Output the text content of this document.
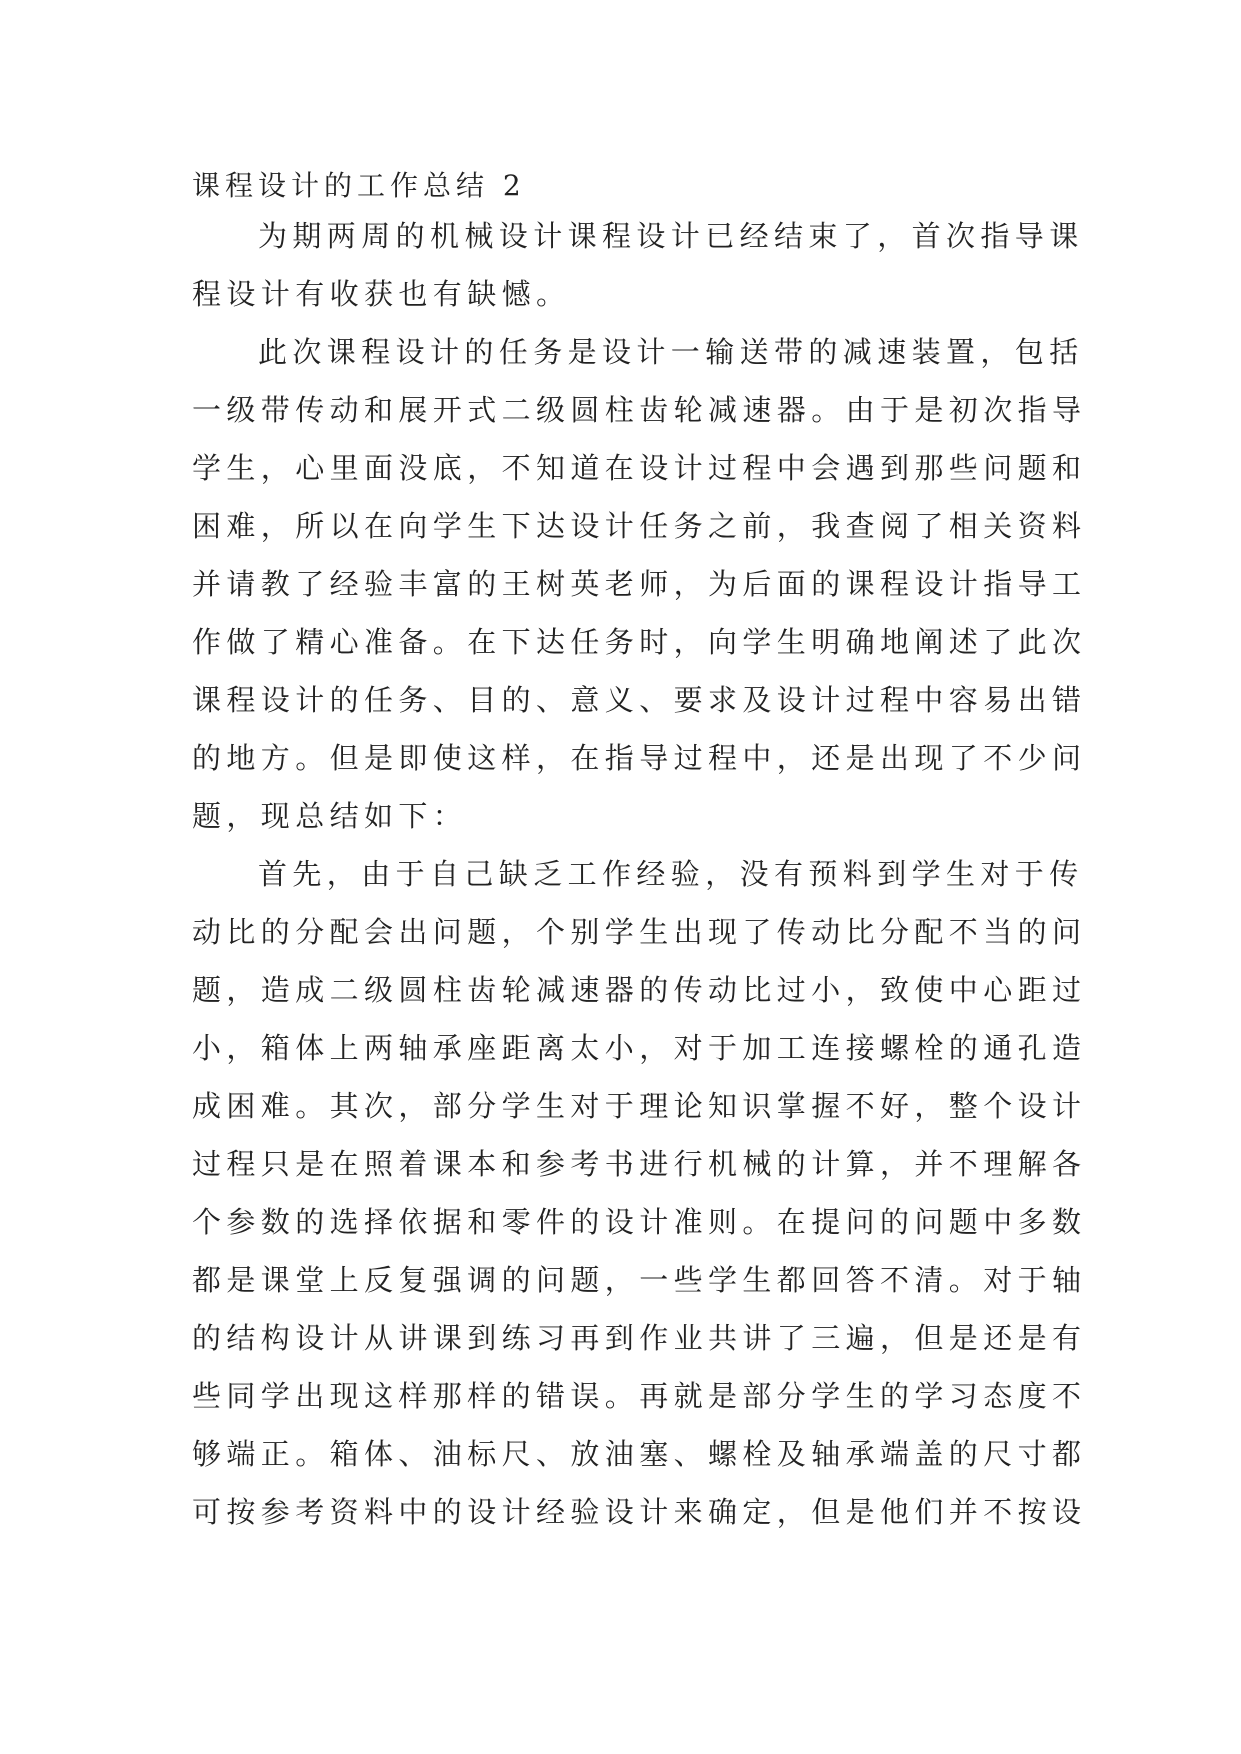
课程设计的工作总结 2

为期两周的机械设计课程设计已经结束了，首次指导课

程设计有收获也有缺憾。

此次课程设计的任务是设计一输送带的减速装置，包括

一级带传动和展开式二级圆柱齿轮减速器。由于是初次指导

学生，心里面没底，不知道在设计过程中会遇到那些问题和

困难，所以在向学生下达设计任务之前，我查阅了相关资料

并请教了经验丰富的王树英老师，为后面的课程设计指导工

作做了精心准备。在下达任务时，向学生明确地阐述了此次

课程设计的任务、目的、意义、要求及设计过程中容易出错

的地方。但是即使这样，在指导过程中，还是出现了不少问

题，现总结如下：

首先，由于自己缺乏工作经验，没有预料到学生对于传

动比的分配会出问题，个别学生出现了传动比分配不当的问

题，造成二级圆柱齿轮减速器的传动比过小，致使中心距过

小，箱体上两轴承座距离太小，对于加工连接螺栓的通孔造

成困难。其次，部分学生对于理论知识掌握不好，整个设计

过程只是在照着课本和参考书进行机械的计算，并不理解各

个参数的选择依据和零件的设计准则。在提问的问题中多数

都是课堂上反复强调的问题，一些学生都回答不清。对于轴

的结构设计从讲课到练习再到作业共讲了三遍，但是还是有

些同学出现这样那样的错误。再就是部分学生的学习态度不

够端正。箱体、油标尺、放油塞、螺栓及轴承端盖的尺寸都

可按参考资料中的设计经验设计来确定，但是他们并不按设
